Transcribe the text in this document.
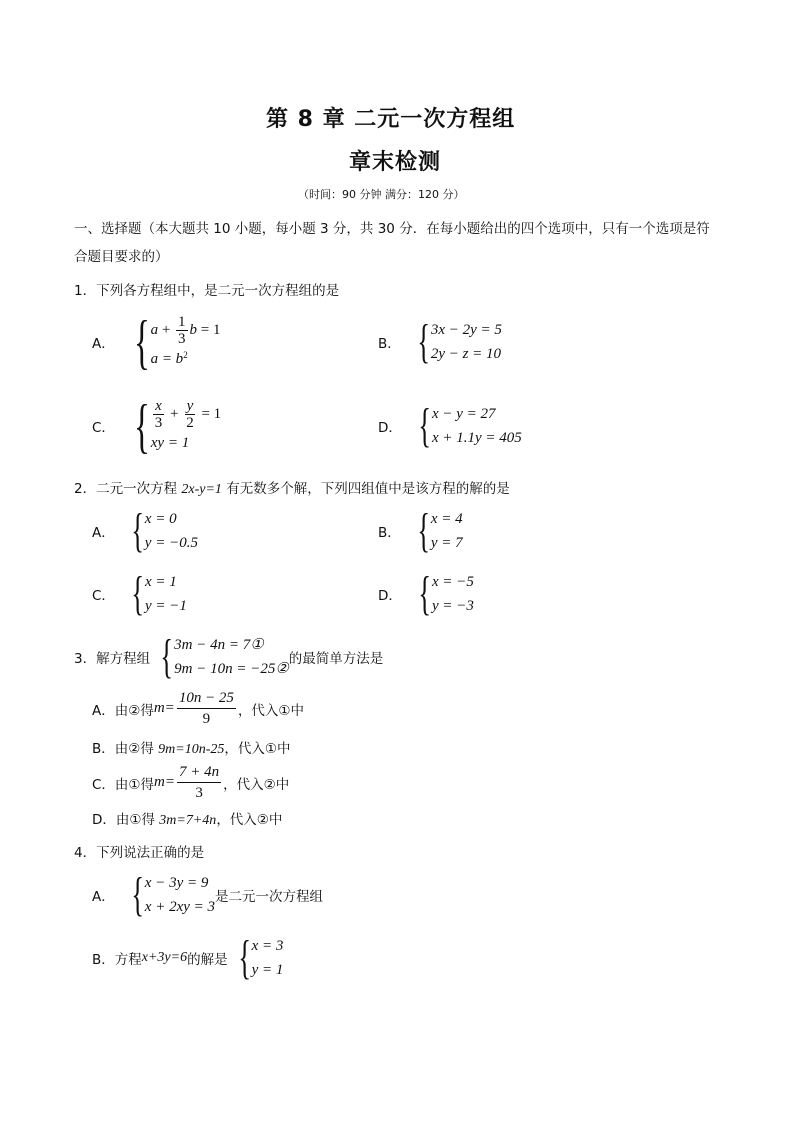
第 8 章 二元一次方程组
章末检测
（时间：90 分钟 满分：120 分）
一、选择题（本大题共 10 小题，每小题 3 分，共 30 分．在每小题给出的四个选项中，只有一个选项是符
合题目要求的）
1．下列各方程组中，是二元一次方程组的是
A． { $a + \frac{1}{3}$ b = 1
$a = b^2$
B． { 3x − 2y = 5
2y − z = 10
C． { $\frac{x}{3} + \frac{y}{2} = 1$
xy = 1
D． { x − y = 27
x + 1.1y = 405
2．二元一次方程 2x-y=1 有无数多个解，下列四组值中是该方程的解的是
A． { x = 0
y = −0.5
B． { x = 4
y = 7
C． { x = 1
y = −1
D． { x = −5
y = −3
3．解方程组 { 3m − 4n = 7①
9m − 10n = −25②
的最简单方法是
A．由②得 $m= \frac{10n - 25}{9}$ ，代入①中
B．由②得 9m=10n-25，代入①中
C．由①得 $m= \frac{7 + 4n}{3}$ ，代入②中
D．由①得 3m=7+4n，代入②中
4．下列说法正确的是
A． { x − 3y = 9
x + 2xy = 3
是二元一次方程组
B．方程 x+3y=6 的解是 { x = 3
y = 1
